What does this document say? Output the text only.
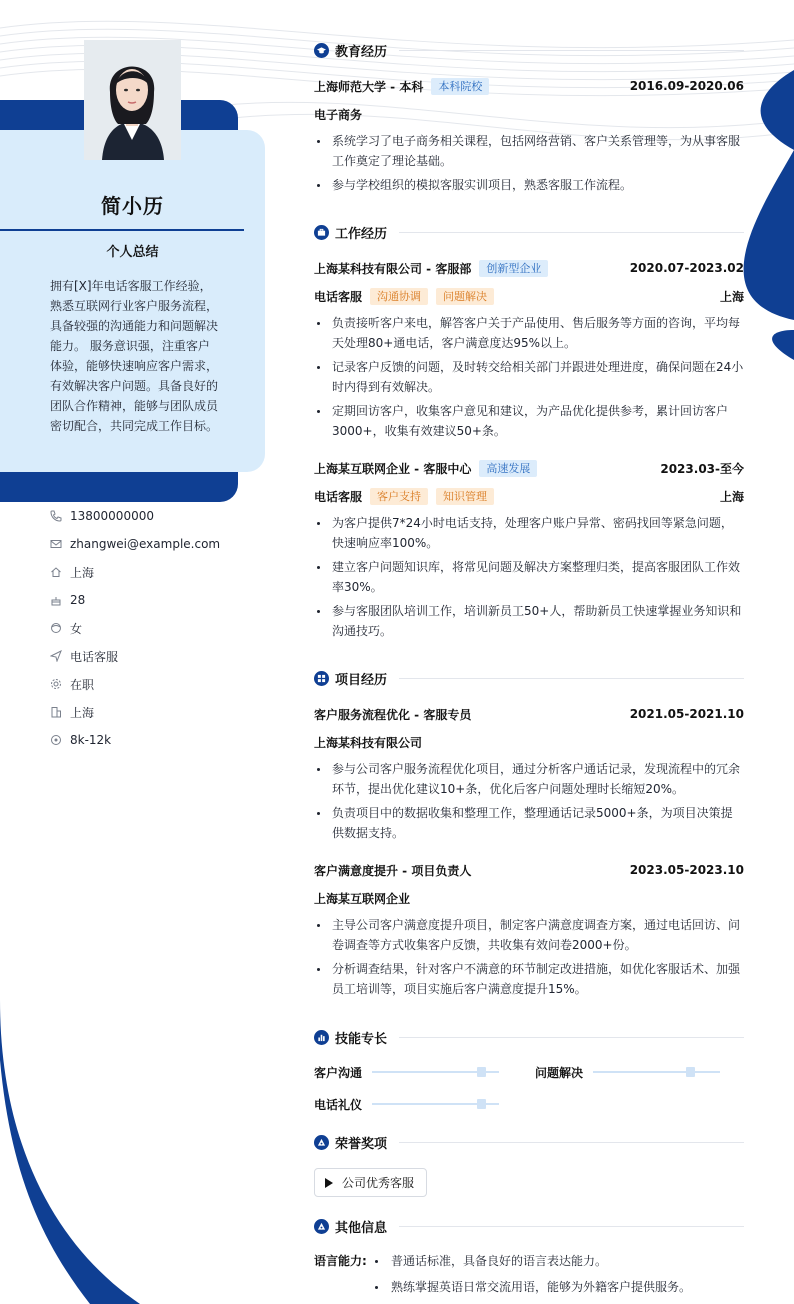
简小历
个人总结
拥有[X]年电话客服工作经验，熟悉互联网行业客户服务流程，具备较强的沟通能力和问题解决能力。 服务意识强，注重客户体验，能够快速响应客户需求，有效解决客户问题。具备良好的团队合作精神，能够与团队成员密切配合，共同完成工作目标。
13800000000
zhangwei@example.com
上海
28
女
电话客服
在职
上海
8k-12k
教育经历
上海师范大学 - 本科	本科院校	2016.09-2020.06
电子商务
系统学习了电子商务相关课程，包括网络营销、客户关系管理等，为从事客服工作奠定了理论基础。
参与学校组织的模拟客服实训项目，熟悉客服工作流程。
工作经历
上海某科技有限公司 - 客服部	创新型企业	2020.07-2023.02
电话客服	沟通协调	问题解决	上海
负责接听客户来电，解答客户关于产品使用、售后服务等方面的咨询，平均每天处理80+通电话，客户满意度达95%以上。
记录客户反馈的问题，及时转交给相关部门并跟进处理进度，确保问题在24小时内得到有效解决。
定期回访客户，收集客户意见和建议，为产品优化提供参考，累计回访客户3000+，收集有效建议50+条。
上海某互联网企业 - 客服中心	高速发展	2023.03-至今
电话客服	客户支持	知识管理	上海
为客户提供7*24小时电话支持，处理客户账户异常、密码找回等紧急问题，快速响应率100%。
建立客户问题知识库，将常见问题及解决方案整理归类，提高客服团队工作效率30%。
参与客服团队培训工作，培训新员工50+人，帮助新员工快速掌握业务知识和沟通技巧。
项目经历
客户服务流程优化 - 客服专员	2021.05-2021.10
上海某科技有限公司
参与公司客户服务流程优化项目，通过分析客户通话记录，发现流程中的冗余环节，提出优化建议10+条，优化后客户问题处理时长缩短20%。
负责项目中的数据收集和整理工作，整理通话记录5000+条，为项目决策提供数据支持。
客户满意度提升 - 项目负责人	2023.05-2023.10
上海某互联网企业
主导公司客户满意度提升项目，制定客户满意度调查方案，通过电话回访、问卷调查等方式收集客户反馈，共收集有效问卷2000+份。
分析调查结果，针对客户不满意的环节制定改进措施，如优化客服话术、加强员工培训等，项目实施后客户满意度提升15%。
技能专长
客户沟通	问题解决
电话礼仪
荣誉奖项
公司优秀客服
其他信息
语言能力:	普通话标准，具备良好的语言表达能力。
熟练掌握英语日常交流用语，能够为外籍客户提供服务。
